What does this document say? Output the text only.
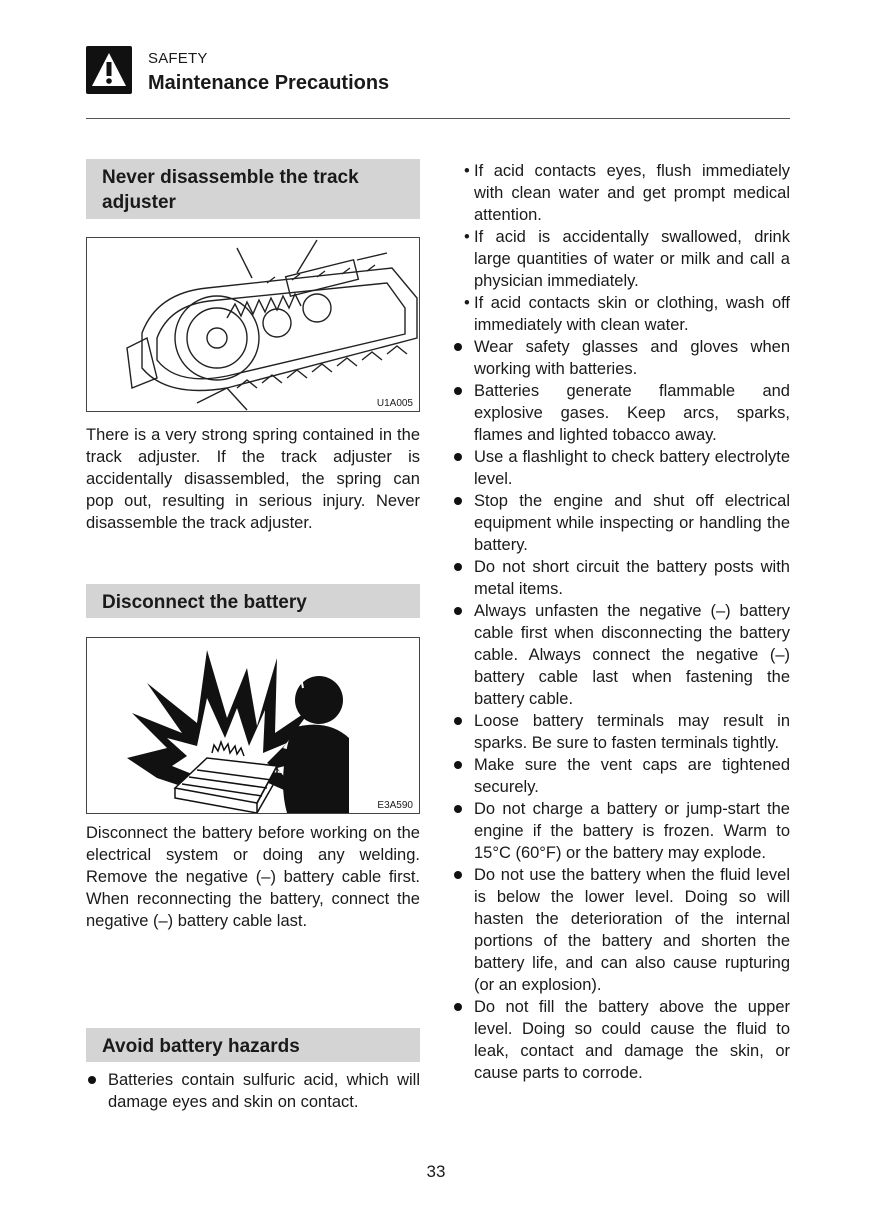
SAFETY
Maintenance Precautions
Never disassemble the track adjuster
U1A005
There is a very strong spring contained in the track adjuster. If the track adjuster is accidentally disassembled, the spring can pop out, resulting in serious injury. Never disassemble the track adjuster.
Disconnect the battery
E3A590
Disconnect the battery before working on the electrical system or doing any welding. Remove the negative (–) battery cable first. When reconnecting the battery, connect the negative (–) battery cable last.
Avoid battery hazards
Batteries contain sulfuric acid, which will damage eyes and skin on contact.
• If acid contacts eyes, flush immediately with clean water and get prompt medical attention.
• If acid is accidentally swallowed, drink large quantities of water or milk and call a physician immediately.
• If acid contacts skin or clothing, wash off immediately with clean water.
Wear safety glasses and gloves when working with batteries.
Batteries generate flammable and explosive gases. Keep arcs, sparks, flames and lighted tobacco away.
Use a flashlight to check battery electrolyte level.
Stop the engine and shut off electrical equipment while inspecting or handling the battery.
Do not short circuit the battery posts with metal items.
Always unfasten the negative (–) battery cable first when disconnecting the battery cable. Always connect the negative (–) battery cable last when fastening the battery cable.
Loose battery terminals may result in sparks. Be sure to fasten terminals tightly.
Make sure the vent caps are tightened securely.
Do not charge a battery or jump-start the engine if the battery is frozen. Warm to 15°C (60°F) or the battery may explode.
Do not use the battery when the fluid level is below the lower level. Doing so will hasten the deterioration of the internal portions of the battery and shorten the battery life, and can also cause rupturing (or an explosion).
Do not fill the battery above the upper level. Doing so could cause the fluid to leak, contact and damage the skin, or cause parts to corrode.
33
